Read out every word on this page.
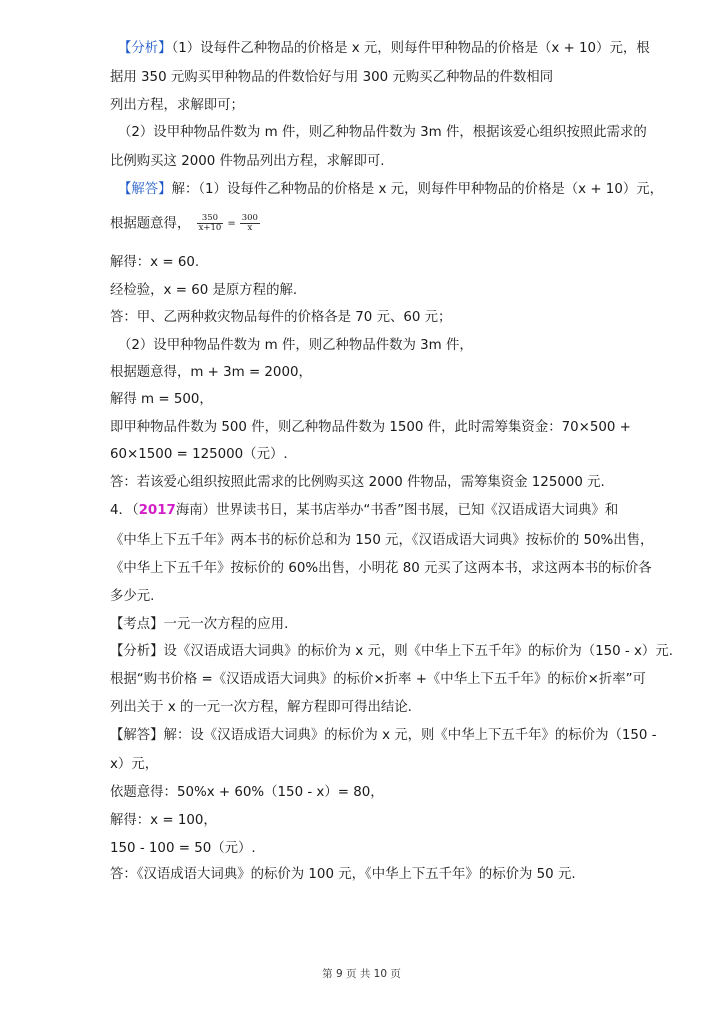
【分析】（1）设每件乙种物品的价格是 x 元，则每件甲种物品的价格是（x + 10）元，根
据用 350 元购买甲种物品的件数恰好与用 300 元购买乙种物品的件数相同
列出方程，求解即可；
（2）设甲种物品件数为 m 件，则乙种物品件数为 3m 件，根据该爱心组织按照此需求的
比例购买这 2000 件物品列出方程，求解即可.
【解答】解：（1）设每件乙种物品的价格是 x 元，则每件甲种物品的价格是（x + 10）元，
根据题意得， $\frac{350}{x+10} = \frac{300}{x}$
解得：x = 60.
经检验，x = 60 是原方程的解.
答：甲、乙两种救灾物品每件的价格各是 70 元、60 元；
（2）设甲种物品件数为 m 件，则乙种物品件数为 3m 件，
根据题意得，m + 3m = 2000，
解得 m = 500，
即甲种物品件数为 500 件，则乙种物品件数为 1500 件，此时需筹集资金：70×500 +
60×1500 = 125000（元）.
答：若该爱心组织按照此需求的比例购买这 2000 件物品，需筹集资金 125000 元.
4．（2017海南）世界读书日，某书店举办“书香”图书展，已知《汉语成语大词典》和
《中华上下五千年》两本书的标价总和为 150 元，《汉语成语大词典》按标价的 50%出售，
《中华上下五千年》按标价的 60%出售，小明花 80 元买了这两本书，求这两本书的标价各
多少元.
【考点】一元一次方程的应用.
【分析】设《汉语成语大词典》的标价为 x 元，则《中华上下五千年》的标价为（150 - x）元.
根据“购书价格 =《汉语成语大词典》的标价×折率 +《中华上下五千年》的标价×折率”可
列出关于 x 的一元一次方程，解方程即可得出结论.
【解答】解：设《汉语成语大词典》的标价为 x 元，则《中华上下五千年》的标价为（150 -
x）元，
依题意得：50%x + 60%（150 - x）= 80，
解得：x = 100，
150 - 100 = 50（元）.
答：《汉语成语大词典》的标价为 100 元，《中华上下五千年》的标价为 50 元.
第 9 页 共 10 页
